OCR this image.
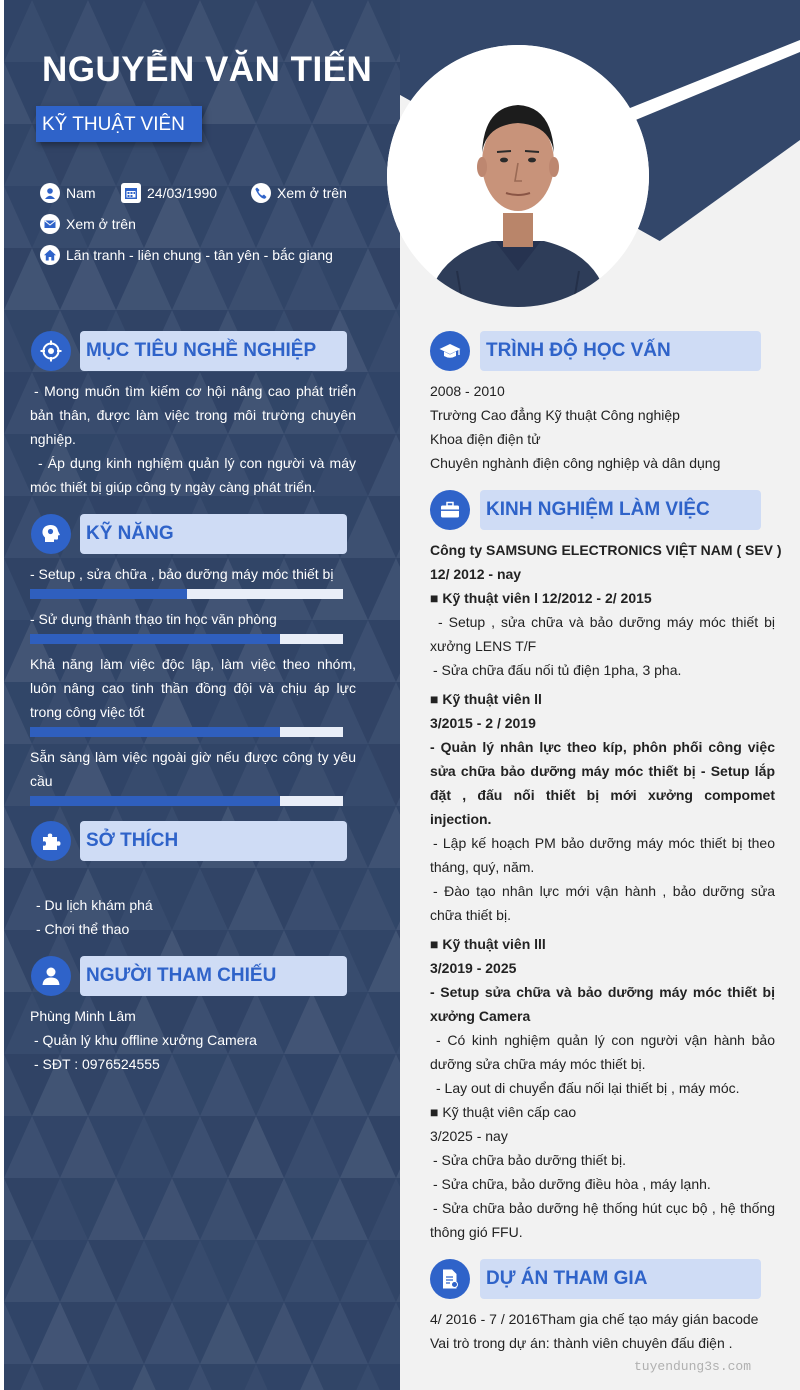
NGUYỄN VĂN TIẾN
KỸ THUẬT VIÊN
Nam	24/03/1990	Xem ở trên
Xem ở trên
Lãn tranh - liên chung - tân yên - bắc giang
MỤC TIÊU NGHỀ NGHIỆP
- Mong muốn tìm kiếm cơ hội nâng cao phát triển bản thân, được làm việc trong môi trường chuyên nghiệp.
- Áp dụng kinh nghiệm quản lý con người và máy móc thiết bị giúp công ty ngày càng phát triển.
KỸ NĂNG
- Setup , sửa chữa , bảo dưỡng máy móc thiết bị
- Sử dụng thành thạo tin học văn phòng
Khả năng làm việc độc lập, làm việc theo nhóm, luôn nâng cao tinh thần đồng đội và chịu áp lực trong công việc tốt
Sẵn sàng làm việc ngoài giờ nếu được công ty yêu cầu
SỞ THÍCH
- Du lịch khám phá
- Chơi thể thao
NGƯỜI THAM CHIẾU
Phùng Minh Lâm
- Quản lý khu offline xưởng Camera
- SĐT : 0976524555
TRÌNH ĐỘ HỌC VẤN
2008 - 2010
Trường Cao đẳng Kỹ thuật Công nghiệp
Khoa điện điện tử
Chuyên nghành điện công nghiệp và dân dụng
KINH NGHIỆM LÀM VIỆC
Công ty SAMSUNG ELECTRONICS VIỆT NAM ( SEV )
12/ 2012 - nay
■ Kỹ thuật viên l 12/2012 - 2/ 2015
- Setup , sửa chữa và bảo dưỡng máy móc thiết bị xưởng LENS T/F
- Sửa chữa đấu nối tủ điện 1pha, 3 pha.
■ Kỹ thuật viên ll
3/2015 - 2 / 2019
- Quản lý nhân lực theo kíp, phôn phối công việc sửa chữa bảo dưỡng máy móc thiết bị - Setup lắp đặt , đấu nối thiết bị mới xưởng compomet injection.
- Lập kế hoạch PM bảo dưỡng máy móc thiết bị theo tháng, quý, năm.
- Đào tạo nhân lực mới vận hành , bảo dưỡng sửa chữa thiết bị.
■ Kỹ thuật viên lll
3/2019 - 2025
- Setup sửa chữa và bảo dưỡng máy móc thiết bị xưởng Camera
- Có kinh nghiệm quản lý con người vận hành bảo dưỡng sửa chữa máy móc thiết bị.
- Lay out di chuyển đấu nối lại thiết bị , máy móc.
■ Kỹ thuật viên cấp cao
3/2025 - nay
- Sửa chữa bảo dưỡng thiết bị.
- Sửa chữa, bảo dưỡng điều hòa , máy lạnh.
- Sửa chữa bảo dưỡng hệ thống hút cục bộ , hệ thống thông gió FFU.
DỰ ÁN THAM GIA
4/ 2016 - 7 / 2016Tham gia chế tạo máy gián bacode
Vai trò trong dự án: thành viên chuyên đấu điện .
tuyendung3s.com
